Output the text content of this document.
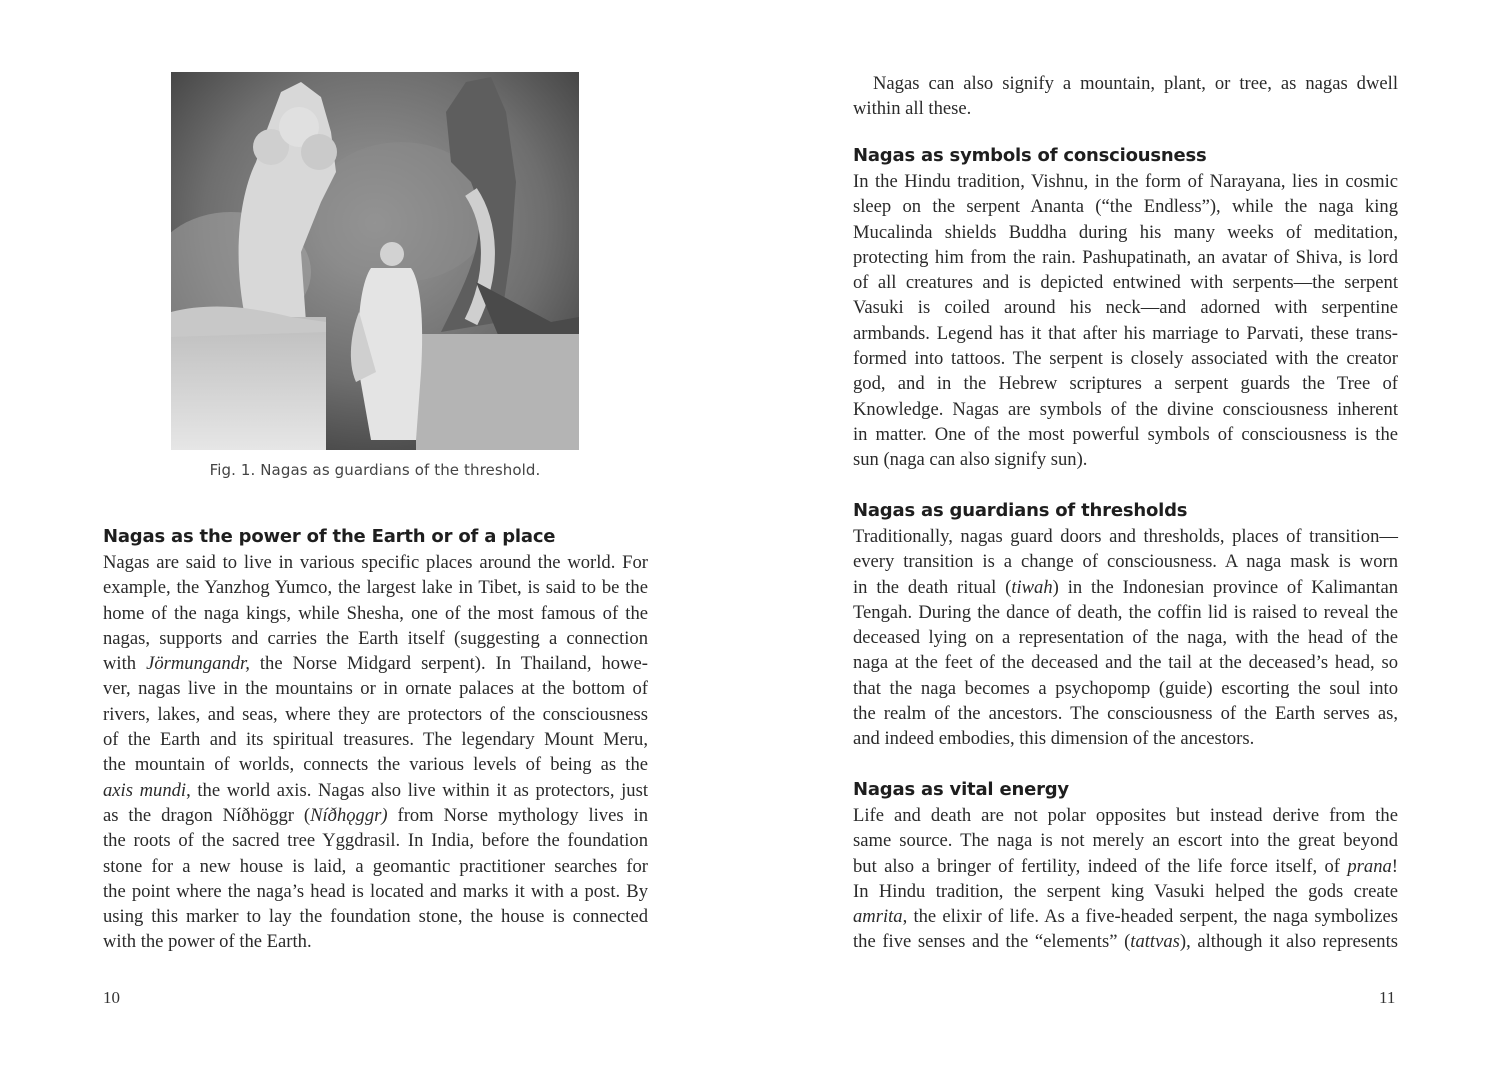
Fig. 1. Nagas as guardians of the threshold.
Nagas as the power of the Earth or of a place
Nagas are said to live in various specific places around the world. For
example, the Yanzhog Yumco, the largest lake in Tibet, is said to be the
home of the naga kings, while Shesha, one of the most famous of the
nagas, supports and carries the Earth itself (suggesting a connection
with Jörmungandr, the Norse Midgard serpent). In Thailand, howe-
ver, nagas live in the mountains or in ornate palaces at the bottom of
rivers, lakes, and seas, where they are protectors of the consciousness
of the Earth and its spiritual treasures. The legendary Mount Meru,
the mountain of worlds, connects the various levels of being as the
axis mundi, the world axis. Nagas also live within it as protectors, just
as the dragon Níðhöggr (Níðhǫggr) from Norse mythology lives in
the roots of the sacred tree Yggdrasil. In India, before the foundation
stone for a new house is laid, a geomantic practitioner searches for
the point where the naga’s head is located and marks it with a post. By
using this marker to lay the foundation stone, the house is connected
with the power of the Earth.
10
Nagas can also signify a mountain, plant, or tree, as nagas dwell
within all these.
Nagas as symbols of consciousness
In the Hindu tradition, Vishnu, in the form of Narayana, lies in cosmic
sleep on the serpent Ananta (“the Endless”), while the naga king
Mucalinda shields Buddha during his many weeks of meditation,
protecting him from the rain. Pashupatinath, an avatar of Shiva, is lord
of all creatures and is depicted entwined with serpents—the serpent
Vasuki is coiled around his neck—and adorned with serpentine
armbands. Legend has it that after his marriage to Parvati, these trans-
formed into tattoos. The serpent is closely associated with the creator
god, and in the Hebrew scriptures a serpent guards the Tree of
Knowledge. Nagas are symbols of the divine consciousness inherent
in matter. One of the most powerful symbols of consciousness is the
sun (naga can also signify sun).
Nagas as guardians of thresholds
Traditionally, nagas guard doors and thresholds, places of transition—
every transition is a change of consciousness. A naga mask is worn
in the death ritual (tiwah) in the Indonesian province of Kalimantan
Tengah. During the dance of death, the coffin lid is raised to reveal the
deceased lying on a representation of the naga, with the head of the
naga at the feet of the deceased and the tail at the deceased’s head, so
that the naga becomes a psychopomp (guide) escorting the soul into
the realm of the ancestors. The consciousness of the Earth serves as,
and indeed embodies, this dimension of the ancestors.
Nagas as vital energy
Life and death are not polar opposites but instead derive from the
same source. The naga is not merely an escort into the great beyond
but also a bringer of fertility, indeed of the life force itself, of prana!
In Hindu tradition, the serpent king Vasuki helped the gods create
amrita, the elixir of life. As a five-headed serpent, the naga symbolizes
the five senses and the “elements” (tattvas), although it also represents
11
